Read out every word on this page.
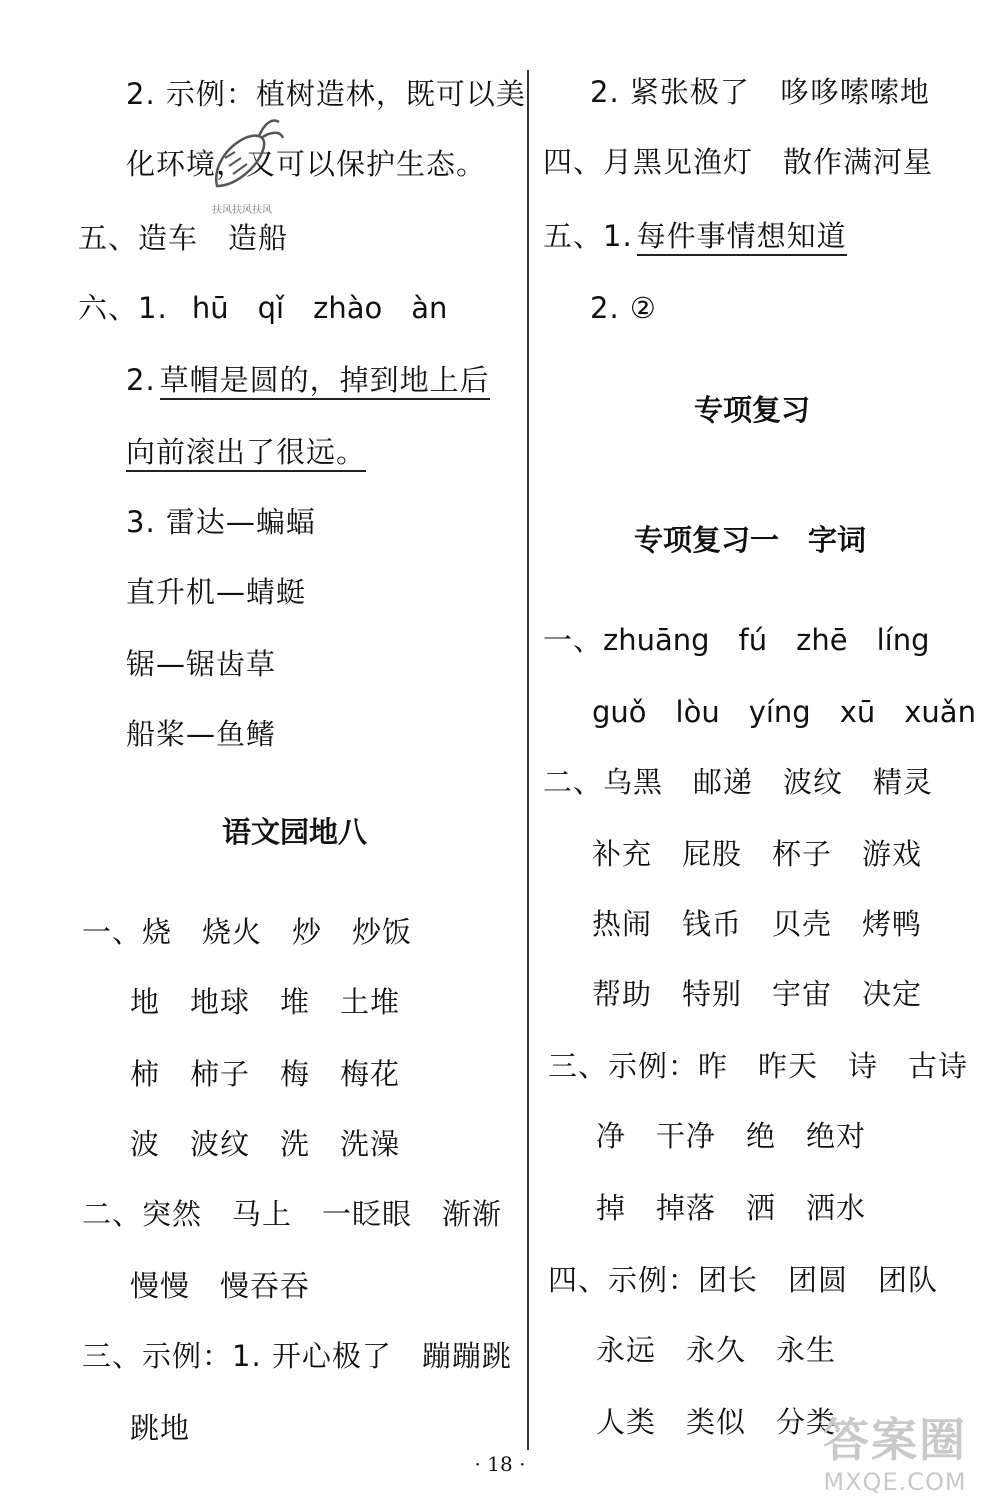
2. 示例：植树造林，既可以美
化环境，又可以保护生态。
扶风扶风扶风
五、造车　造船
六、1. hū　qǐ　zhào　àn
2. 草帽是圆的，掉到地上后
向前滚出了很远。
3. 雷达—蝙蝠
直升机—蜻蜓
锯—锯齿草
船桨—鱼鳍
语文园地八
一、烧　烧火　炒　炒饭
地　地球　堆　土堆
柿　柿子　梅　梅花
波　波纹　洗　洗澡
二、突然　马上　一眨眼　渐渐
慢慢　慢吞吞
三、示例：1. 开心极了　蹦蹦跳
跳地
2. 紧张极了　哆哆嗦嗦地
四、月黑见渔灯　散作满河星
五、1. 每件事情想知道
2. ②
专项复习
专项复习一　字词
一、zhuāng　fú　zhē　líng
guǒ　lòu　yíng　xū　xuǎn
二、乌黑　邮递　波纹　精灵
补充　屁股　杯子　游戏
热闹　钱币　贝壳　烤鸭
帮助　特别　宇宙　决定
三、示例：昨　昨天　诗　古诗
净　干净　绝　绝对
掉　掉落　洒　洒水
四、示例：团长　团圆　团队
永远　永久　永生
人类　类似　分类
· 18 ·	答案圈
MXQE.COM
